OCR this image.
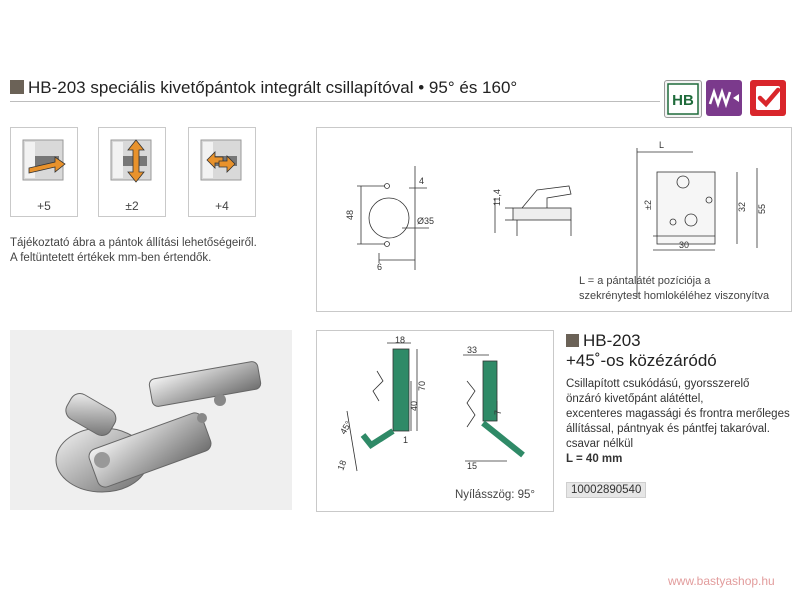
HB-203 speciális kivetőpántok integrált csillapítóval • 95° és 160°
HB
+5	±2	+4
Tájékoztató ábra a pántok állítási lehetőségeiről.
A feltüntetett értékek mm-ben értendők.
48
4
Ø35
6
11,4
L
±2	32 55
30
L = a pántalátét pozíciója a
szekrénytest homlokéléhez viszonyítva
18
70
40
45°
1
18
33
7
15
Nyílásszög: 95°
HB-203
+45˚-os közézáródó
Csillapított csukódású, gyorsszerelő
önzáró kivetőpánt alátéttel,
excenteres magassági és frontra merőleges
állítással, pántnyak és pántfej takaróval.
csavar nélkül
L = 40 mm
10002890540
www.bastyashop.hu
